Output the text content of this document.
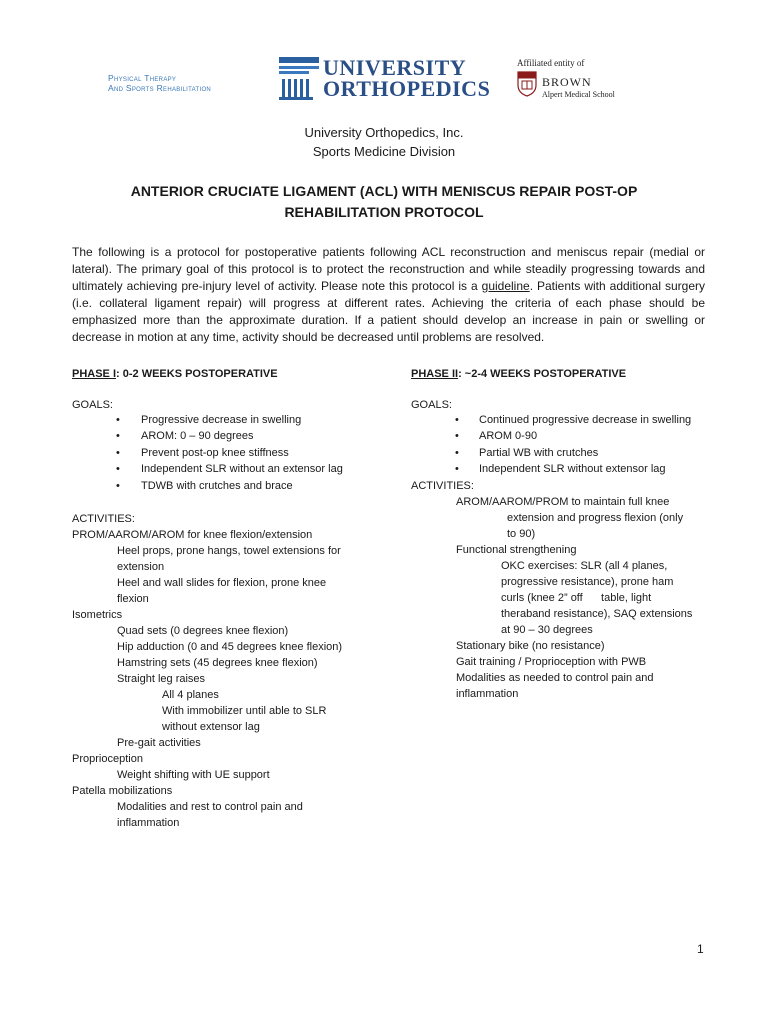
Physical Therapy
And Sports Rehabilitation
UNIVERSITY
ORTHOPEDICS
Affiliated entity of
BROWN
Alpert Medical School
University Orthopedics, Inc.
Sports Medicine Division
ANTERIOR CRUCIATE LIGAMENT (ACL) WITH MENISCUS REPAIR POST-OP
REHABILITATION PROTOCOL
The following is a protocol for postoperative patients following ACL reconstruction and meniscus repair (medial or lateral). The primary goal of this protocol is to protect the reconstruction and while steadily progressing towards and ultimately achieving pre-injury level of activity. Please note this protocol is a guideline. Patients with additional surgery (i.e. collateral ligament repair) will progress at different rates. Achieving the criteria of each phase should be emphasized more than the approximate duration. If a patient should develop an increase in pain or swelling or decrease in motion at any time, activity should be decreased until problems are resolved.
PHASE I: 0-2 WEEKS POSTOPERATIVE
GOALS:
• Progressive decrease in swelling
• AROM: 0 – 90 degrees
• Prevent post-op knee stiffness
• Independent SLR without an extensor lag
• TDWB with crutches and brace
ACTIVITIES:
PROM/AAROM/AROM for knee flexion/extension
Heel props, prone hangs, towel extensions for
extension
Heel and wall slides for flexion, prone knee
flexion
Isometrics
Quad sets (0 degrees knee flexion)
Hip adduction (0 and 45 degrees knee flexion)
Hamstring sets (45 degrees knee flexion)
Straight leg raises
All 4 planes
With immobilizer until able to SLR
without extensor lag
Pre-gait activities
Proprioception
Weight shifting with UE support
Patella mobilizations
Modalities and rest to control pain and
inflammation
PHASE II: ~2-4 WEEKS POSTOPERATIVE
GOALS:
• Continued progressive decrease in swelling
• AROM 0-90
• Partial WB with crutches
• Independent SLR without extensor lag
ACTIVITIES:
AROM/AAROM/PROM to maintain full knee
extension and progress flexion (only
to 90)
Functional strengthening
OKC exercises: SLR (all 4 planes,
progressive resistance), prone ham
curls (knee 2” off      table, light
theraband resistance), SAQ extensions
at 90 – 30 degrees
Stationary bike (no resistance)
Gait training / Proprioception with PWB
Modalities as needed to control pain and
inflammation
1
